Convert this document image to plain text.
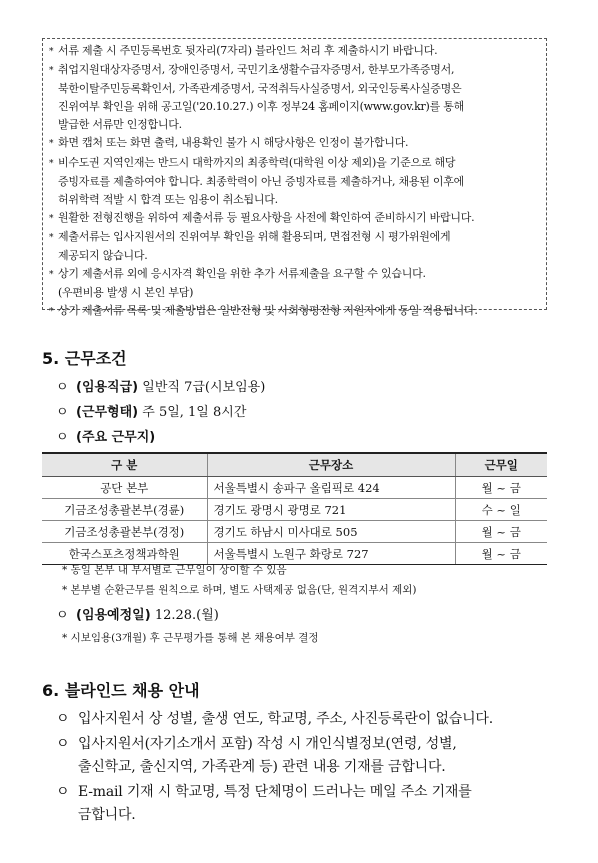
* 서류 제출 시 주민등록번호 뒷자리(7자리) 블라인드 처리 후 제출하시기 바랍니다.
* 취업지원대상자증명서, 장애인증명서, 국민기초생활수급자증명서, 한부모가족증명서,
북한이탈주민등록확인서, 가족관계증명서, 국적취득사실증명서, 외국인등록사실증명은
진위여부 확인을 위해 공고일('20.10.27.) 이후 정부24 홈페이지(www.gov.kr)를 통해
발급한 서류만 인정합니다.
* 화면 캡처 또는 화면 출력, 내용확인 불가 시 해당사항은 인정이 불가합니다.
* 비수도권 지역인재는 반드시 대학까지의 최종학력(대학원 이상 제외)을 기준으로 해당
증빙자료를 제출하여야 합니다. 최종학력이 아닌 증빙자료를 제출하거나, 채용된 이후에
허위학력 적발 시 합격 또는 임용이 취소됩니다.
* 원활한 전형진행을 위하여 제출서류 등 필요사항을 사전에 확인하여 준비하시기 바랍니다.
* 제출서류는 입사지원서의 진위여부 확인을 위해 활용되며, 면접전형 시 평가위원에게
제공되지 않습니다.
* 상기 제출서류 외에 응시자격 확인을 위한 추가 서류제출을 요구할 수 있습니다.
(우편비용 발생 시 본인 부담)
* 상기 제출서류 목록 및 제출방법은 일반전형 및 사회형평전형 지원자에게 동일 적용됩니다.
5. 근무조건
ㅇ (임용직급) 일반직 7급(시보임용)
ㅇ (근무형태) 주 5일, 1일 8시간
ㅇ (주요 근무지)
구 분	근무장소	근무일
공단 본부	서울특별시 송파구 올림픽로 424	월 ~ 금
기금조성총괄본부(경륜)	경기도 광명시 광명로 721	수 ~ 일
기금조성총괄본부(경정)	경기도 하남시 미사대로 505	월 ~ 금
한국스포츠정책과학원	서울특별시 노원구 화랑로 727	월 ~ 금
* 동일 본부 내 부서별로 근무일이 상이할 수 있음
* 본부별 순환근무를 원칙으로 하며, 별도 사택제공 없음(단, 원격지부서 제외)
ㅇ (임용예정일) 12.28.(월)
* 시보임용(3개월) 후 근무평가를 통해 본 채용여부 결정
6. 블라인드 채용 안내
ㅇ 입사지원서 상 성별, 출생 연도, 학교명, 주소, 사진등록란이 없습니다.
ㅇ 입사지원서(자기소개서 포함) 작성 시 개인식별정보(연령, 성별,
출신학교, 출신지역, 가족관계 등) 관련 내용 기재를 금합니다.
ㅇ E-mail 기재 시 학교명, 특정 단체명이 드러나는 메일 주소 기재를
금합니다.
